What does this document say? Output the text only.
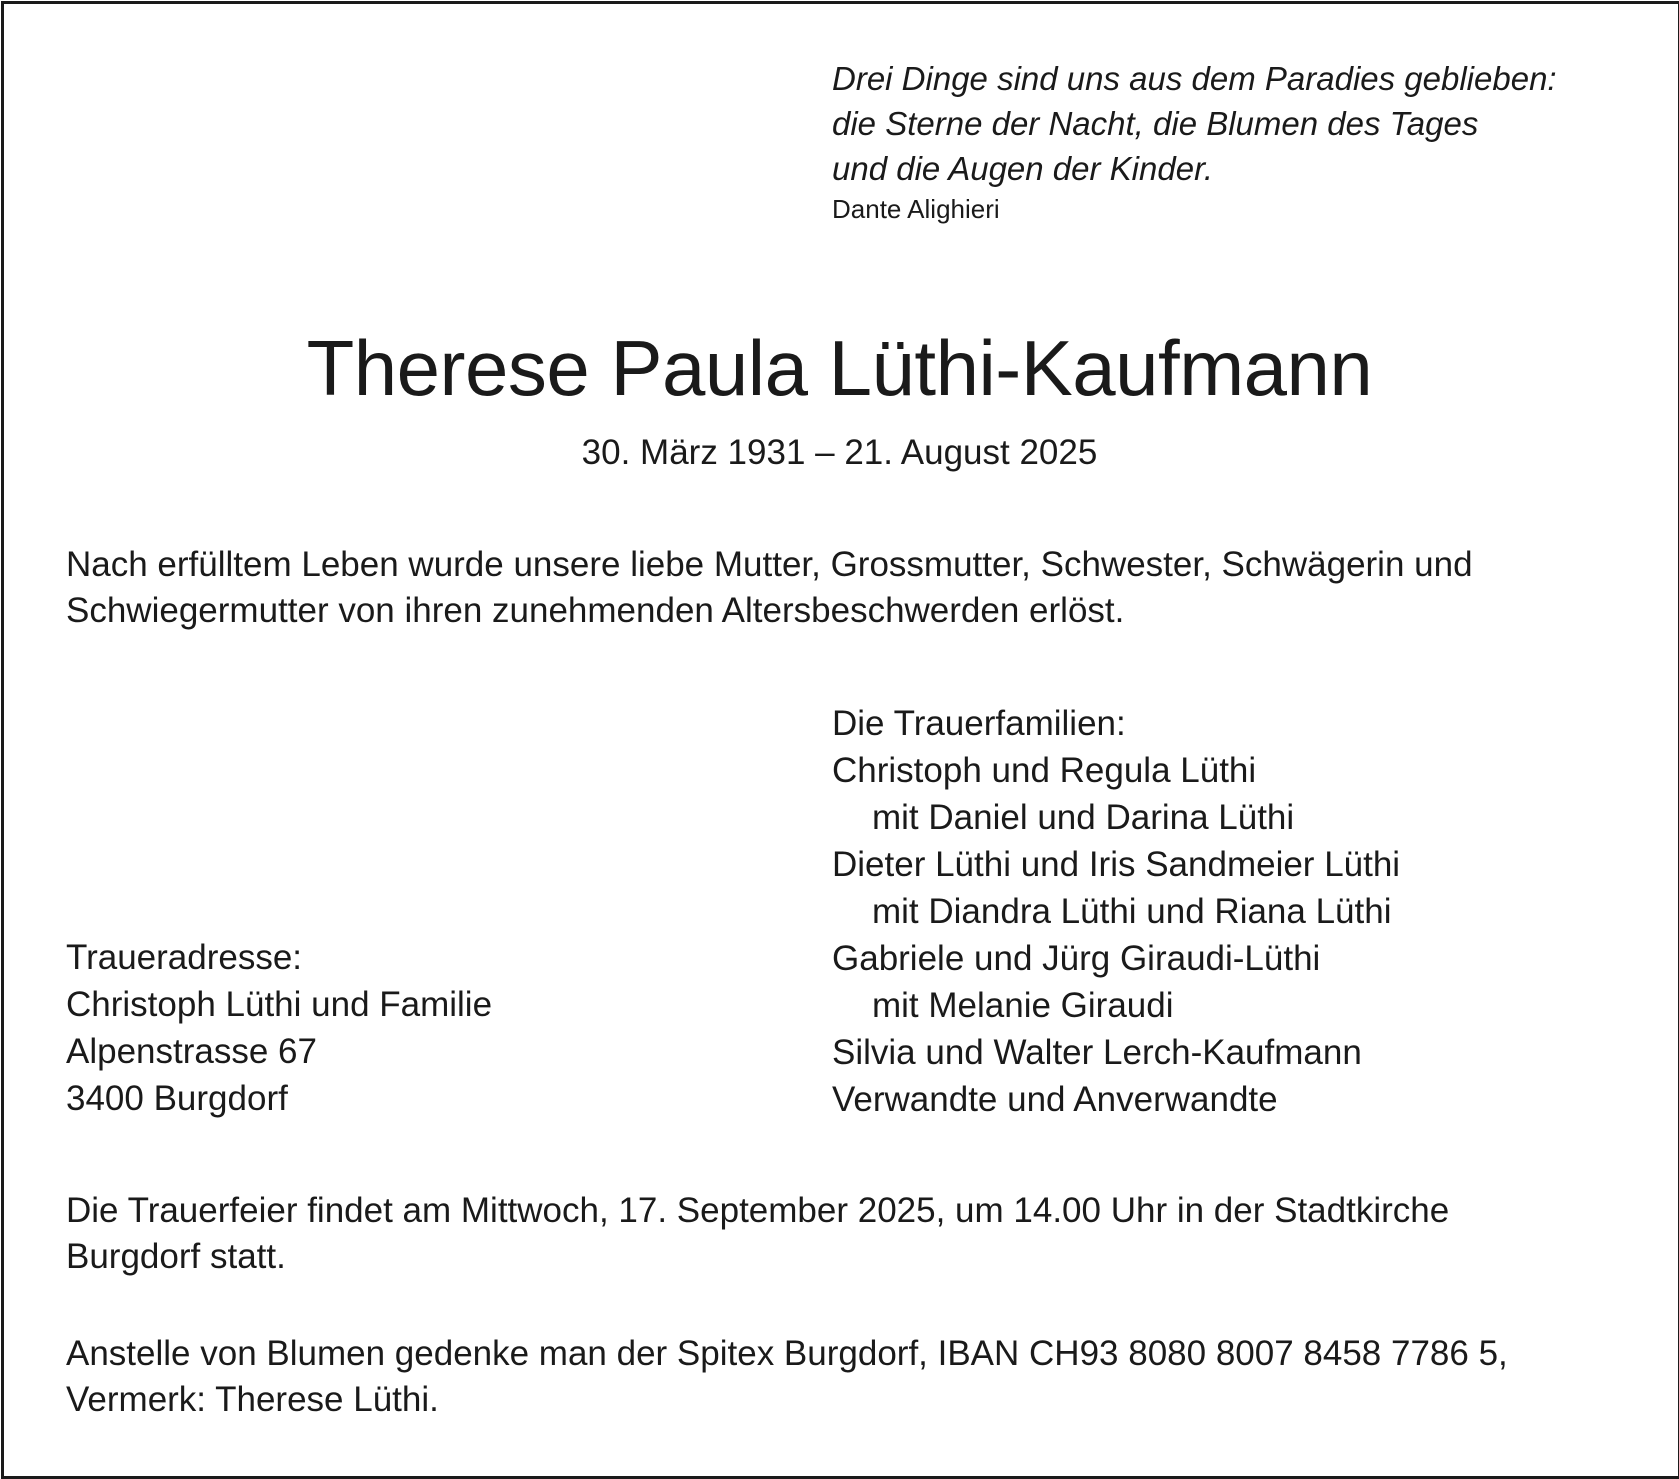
Drei Dinge sind uns aus dem Paradies geblieben:
die Sterne der Nacht, die Blumen des Tages
und die Augen der Kinder.
Dante Alighieri
Therese Paula Lüthi-Kaufmann
30. März 1931 – 21. August 2025
Nach erfülltem Leben wurde unsere liebe Mutter, Grossmutter, Schwester, Schwägerin und
Schwiegermutter von ihren zunehmenden Altersbeschwerden erlöst.
Traueradresse:
Christoph Lüthi und Familie
Alpenstrasse 67
3400 Burgdorf
Die Trauerfamilien:
Christoph und Regula Lüthi
mit Daniel und Darina Lüthi
Dieter Lüthi und Iris Sandmeier Lüthi
mit Diandra Lüthi und Riana Lüthi
Gabriele und Jürg Giraudi-Lüthi
mit Melanie Giraudi
Silvia und Walter Lerch-Kaufmann
Verwandte und Anverwandte
Die Trauerfeier findet am Mittwoch, 17. September 2025, um 14.00 Uhr in der Stadtkirche
Burgdorf statt.
Anstelle von Blumen gedenke man der Spitex Burgdorf, IBAN CH93 8080 8007 8458 7786 5,
Vermerk: Therese Lüthi.
